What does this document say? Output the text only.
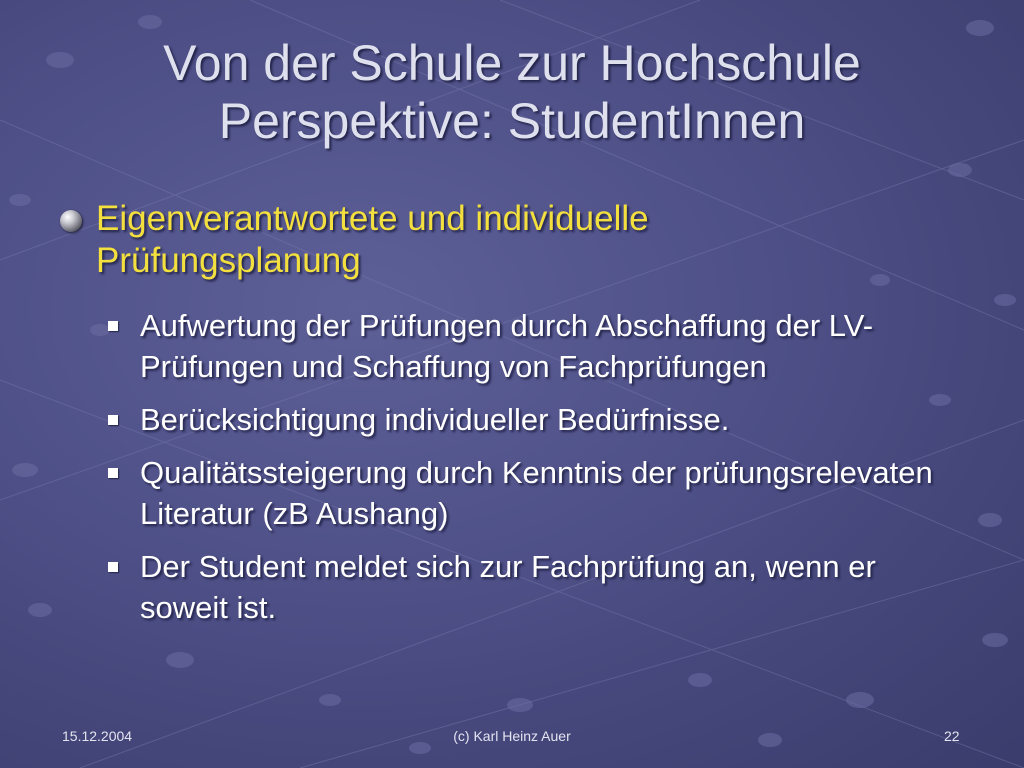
Von der Schule zur Hochschule
Perspektive: StudentInnen
Eigenverantwortete und individuelle
Prüfungsplanung
Aufwertung der Prüfungen durch Abschaffung der LV-Prüfungen und Schaffung von Fachprüfungen
Berücksichtigung individueller Bedürfnisse.
Qualitätssteigerung durch Kenntnis der prüfungsrelevaten Literatur (zB Aushang)
Der Student meldet sich zur Fachprüfung an, wenn er soweit ist.
15.12.2004	(c) Karl Heinz Auer	22
